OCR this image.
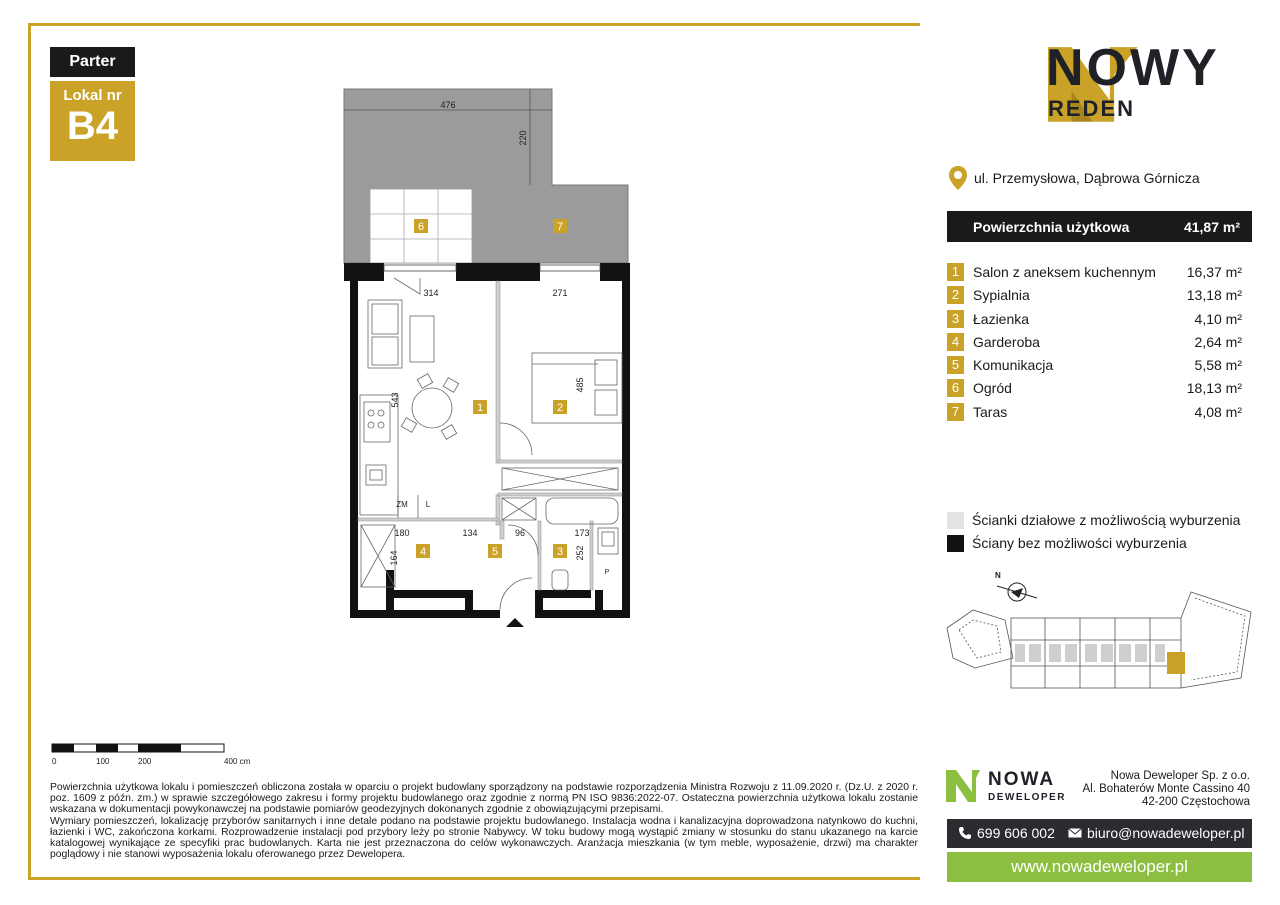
Parter
Lokal nr
B4	476
220
6	7
314	271
485
543
180	134	96	173
252
164
ZM L
P
1	2
3
4	5
NOWY
REDEN
ul. Przemysłowa, Dąbrowa Górnicza
Powierzchnia użytkowa	41,87 m²
1 Salon z aneksem kuchennym 16,37 m²
2 Sypialnia	13,18 m²
3 Łazienka	4,10 m²
4 Garderoba	2,64 m²
5 Komunikacja	5,58 m²
6 Ogród	18,13 m²
7 Taras	4,08 m²
Ścianki działowe z możliwością wyburzenia
Ściany bez możliwości wyburzenia
N
0	100	200	400 cm

Powierzchnia użytkowa lokalu i pomieszczeń obliczona została w oparciu o projekt budowlany sporządzony na podstawie rozporządzenia Ministra Rozwoju z 11.09.2020 r. (Dz.U. z 2020 r. poz. 1609 z późn. zm.) w sprawie szczegółowego zakresu i formy projektu budowlanego oraz zgodnie z normą PN ISO 9836:2022-07. Ostateczna powierzchnia użytkowa lokalu zostanie wskazana w dokumentacji powykonawczej na podstawie pomiarów geodezyjnych dokonanych zgodnie z obowiązującymi przepisami.

Wymiary pomieszczeń, lokalizację przyborów sanitarnych i inne detale podano na podstawie projektu budowlanego. Instalacja wodna i kanalizacyjna doprowadzona natynkowo do kuchni, łazienki i WC, zakończona korkami. Rozprowadzenie instalacji pod przybory leży po stronie Nabywcy. W toku budowy mogą wystąpić zmiany w stosunku do stanu ukazanego na karcie katalogowej wynikające ze specyfiki prac budowlanych. Karta nie jest przeznaczona do celów wykonawczych. Aranżacja mieszkania (w tym meble, wyposażenie, drzwi) ma charakter poglądowy i nie stanowi wyposażenia lokalu oferowanego przez Dewelopera.

NOWA
DEWELOPER
Nowa Deweloper Sp. z o.o.
Al. Bohaterów Monte Cassino 40
42-200 Częstochowa
699 606 002 biuro@nowadeweloper.pl
www.nowadeweloper.pl
